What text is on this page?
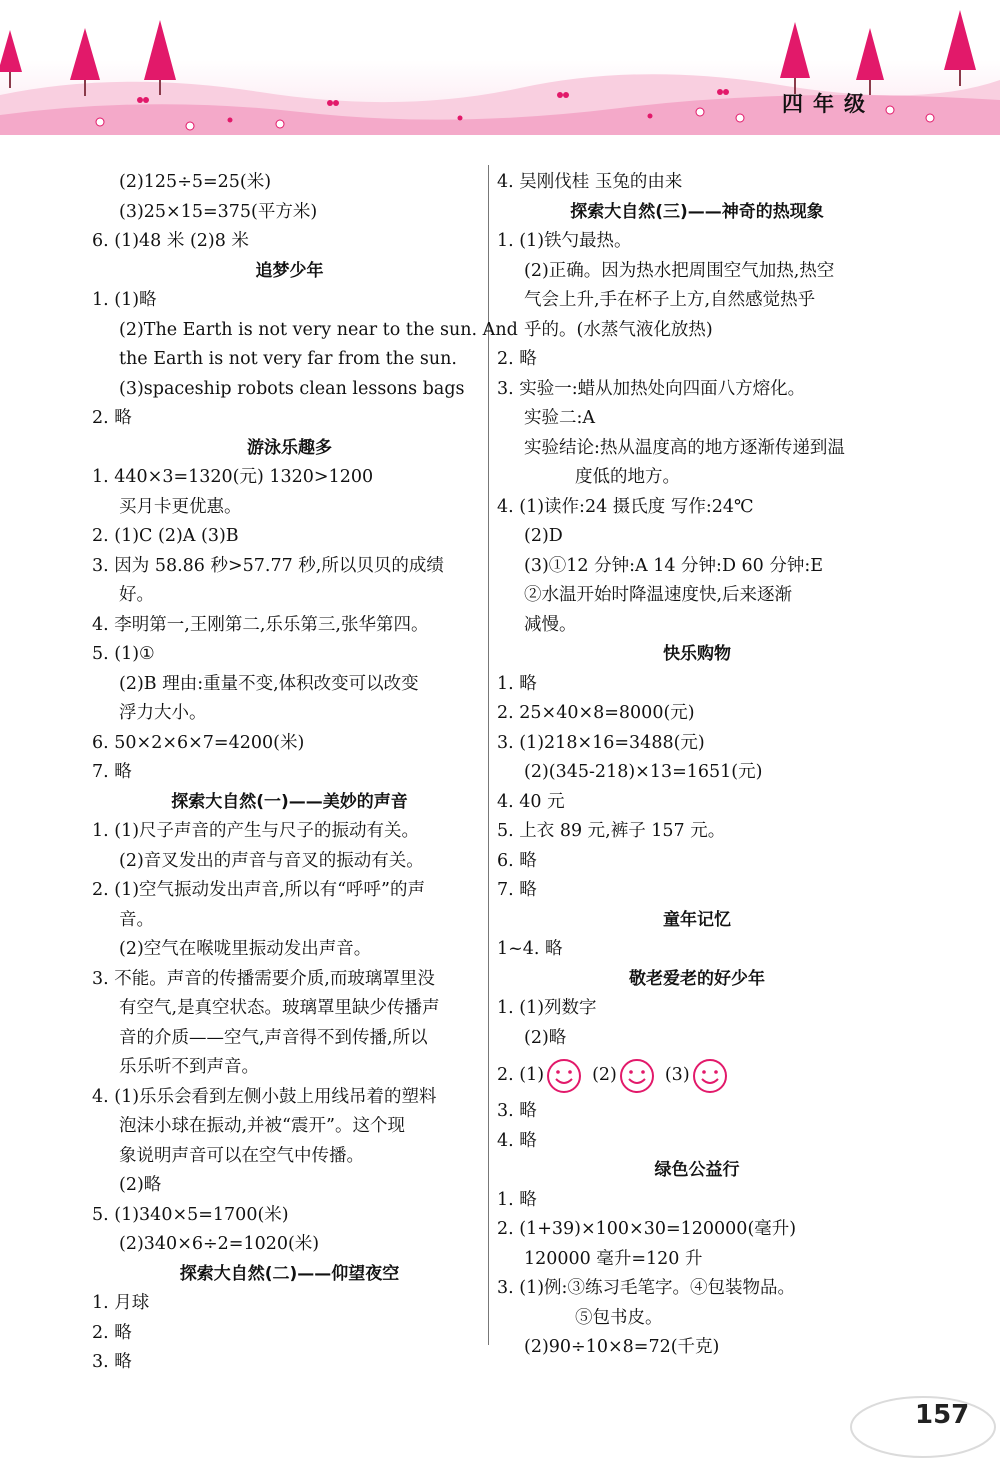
四年级
(2)125÷5=25(米)
(3)25×15=375(平方米)
6. (1)48 米 (2)8 米
追梦少年
1. (1)略
(2)The Earth is not very near to the sun. And
the Earth is not very far from the sun.
(3)spaceship robots clean lessons bags
2. 略
游泳乐趣多
1. 440×3=1320(元) 1320>1200
买月卡更优惠。
2. (1)C (2)A (3)B
3. 因为 58.86 秒>57.77 秒,所以贝贝的成绩
好。
4. 李明第一,王刚第二,乐乐第三,张华第四。
5. (1)①
(2)B 理由:重量不变,体积改变可以改变
浮力大小。
6. 50×2×6×7=4200(米)
7. 略
探索大自然(一)——美妙的声音
1. (1)尺子声音的产生与尺子的振动有关。
(2)音叉发出的声音与音叉的振动有关。
2. (1)空气振动发出声音,所以有“呼呼”的声
音。
(2)空气在喉咙里振动发出声音。
3. 不能。声音的传播需要介质,而玻璃罩里没
有空气,是真空状态。玻璃罩里缺少传播声
音的介质——空气,声音得不到传播,所以
乐乐听不到声音。
4. (1)乐乐会看到左侧小鼓上用线吊着的塑料
泡沫小球在振动,并被“震开”。这个现
象说明声音可以在空气中传播。
(2)略
5. (1)340×5=1700(米)
(2)340×6÷2=1020(米)
探索大自然(二)——仰望夜空
1. 月球
2. 略
3. 略
4. 吴刚伐桂 玉兔的由来
探索大自然(三)——神奇的热现象
1. (1)铁勺最热。
(2)正确。因为热水把周围空气加热,热空
气会上升,手在杯子上方,自然感觉热乎
乎的。(水蒸气液化放热)
2. 略
3. 实验一:蜡从加热处向四面八方熔化。
实验二:A
实验结论:热从温度高的地方逐渐传递到温
度低的地方。
4. (1)读作:24 摄氏度 写作:24℃
(2)D
(3)①12 分钟:A 14 分钟:D 60 分钟:E
②水温开始时降温速度快,后来逐渐
减慢。
快乐购物
1. 略
2. 25×40×8=8000(元)
3. (1)218×16=3488(元)
(2)(345-218)×13=1651(元)
4. 40 元
5. 上衣 89 元,裤子 157 元。
6. 略
7. 略
童年记忆
1~4. 略
敬老爱老的好少年
1. (1)列数字
(2)略
2. (1)	(2)	(3)
3. 略
4. 略
绿色公益行
1. 略
2. (1+39)×100×30=120000(毫升)
120000 毫升=120 升
3. (1)例:③练习毛笔字。④包装物品。
⑤包书皮。
(2)90÷10×8=72(千克)
157
